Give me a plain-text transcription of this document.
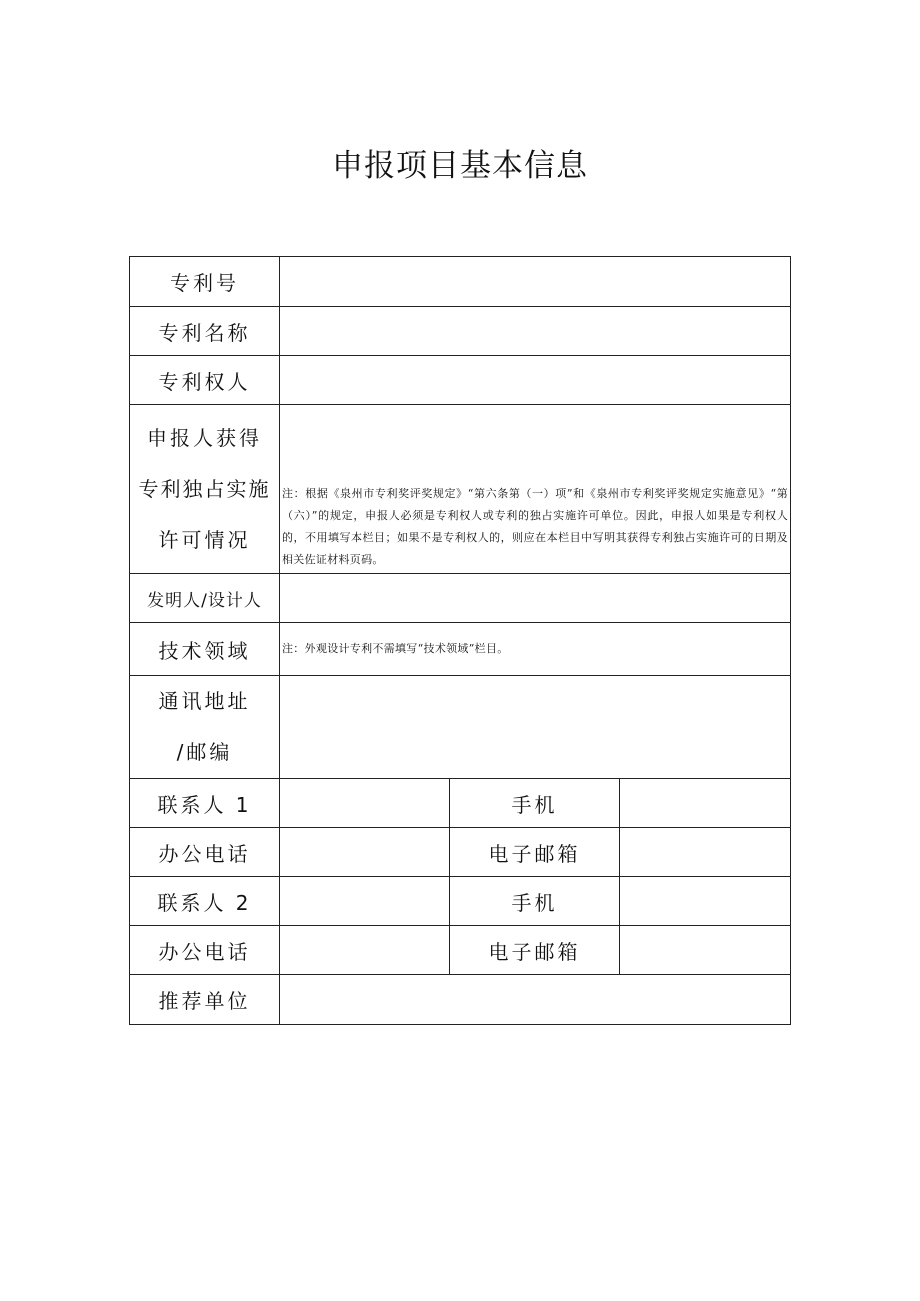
申报项目基本信息
专利号			
专利名称			
专利权人			

申报人获得
专利独占实施
许可情况	注：根据《泉州市专利奖评奖规定》“第六条第（一）项”和《泉州市专利奖评奖规定实施意见》“第（六）”的规定，申报人必须是专利权人或专利的独占实施许可单位。因此，申报人如果是专利权人的，不用填写本栏目；如果不是专利权人的，则应在本栏目中写明其获得专利独占实施许可的日期及相关佐证材料页码。		

发明人/设计人			
技术领域	注：外观设计专利不需填写“技术领域”栏目。		

通讯地址
/邮编			

联系人 1		手机	
办公电话		电子邮箱	
联系人 2		手机	
办公电话		电子邮箱	
推荐单位			
